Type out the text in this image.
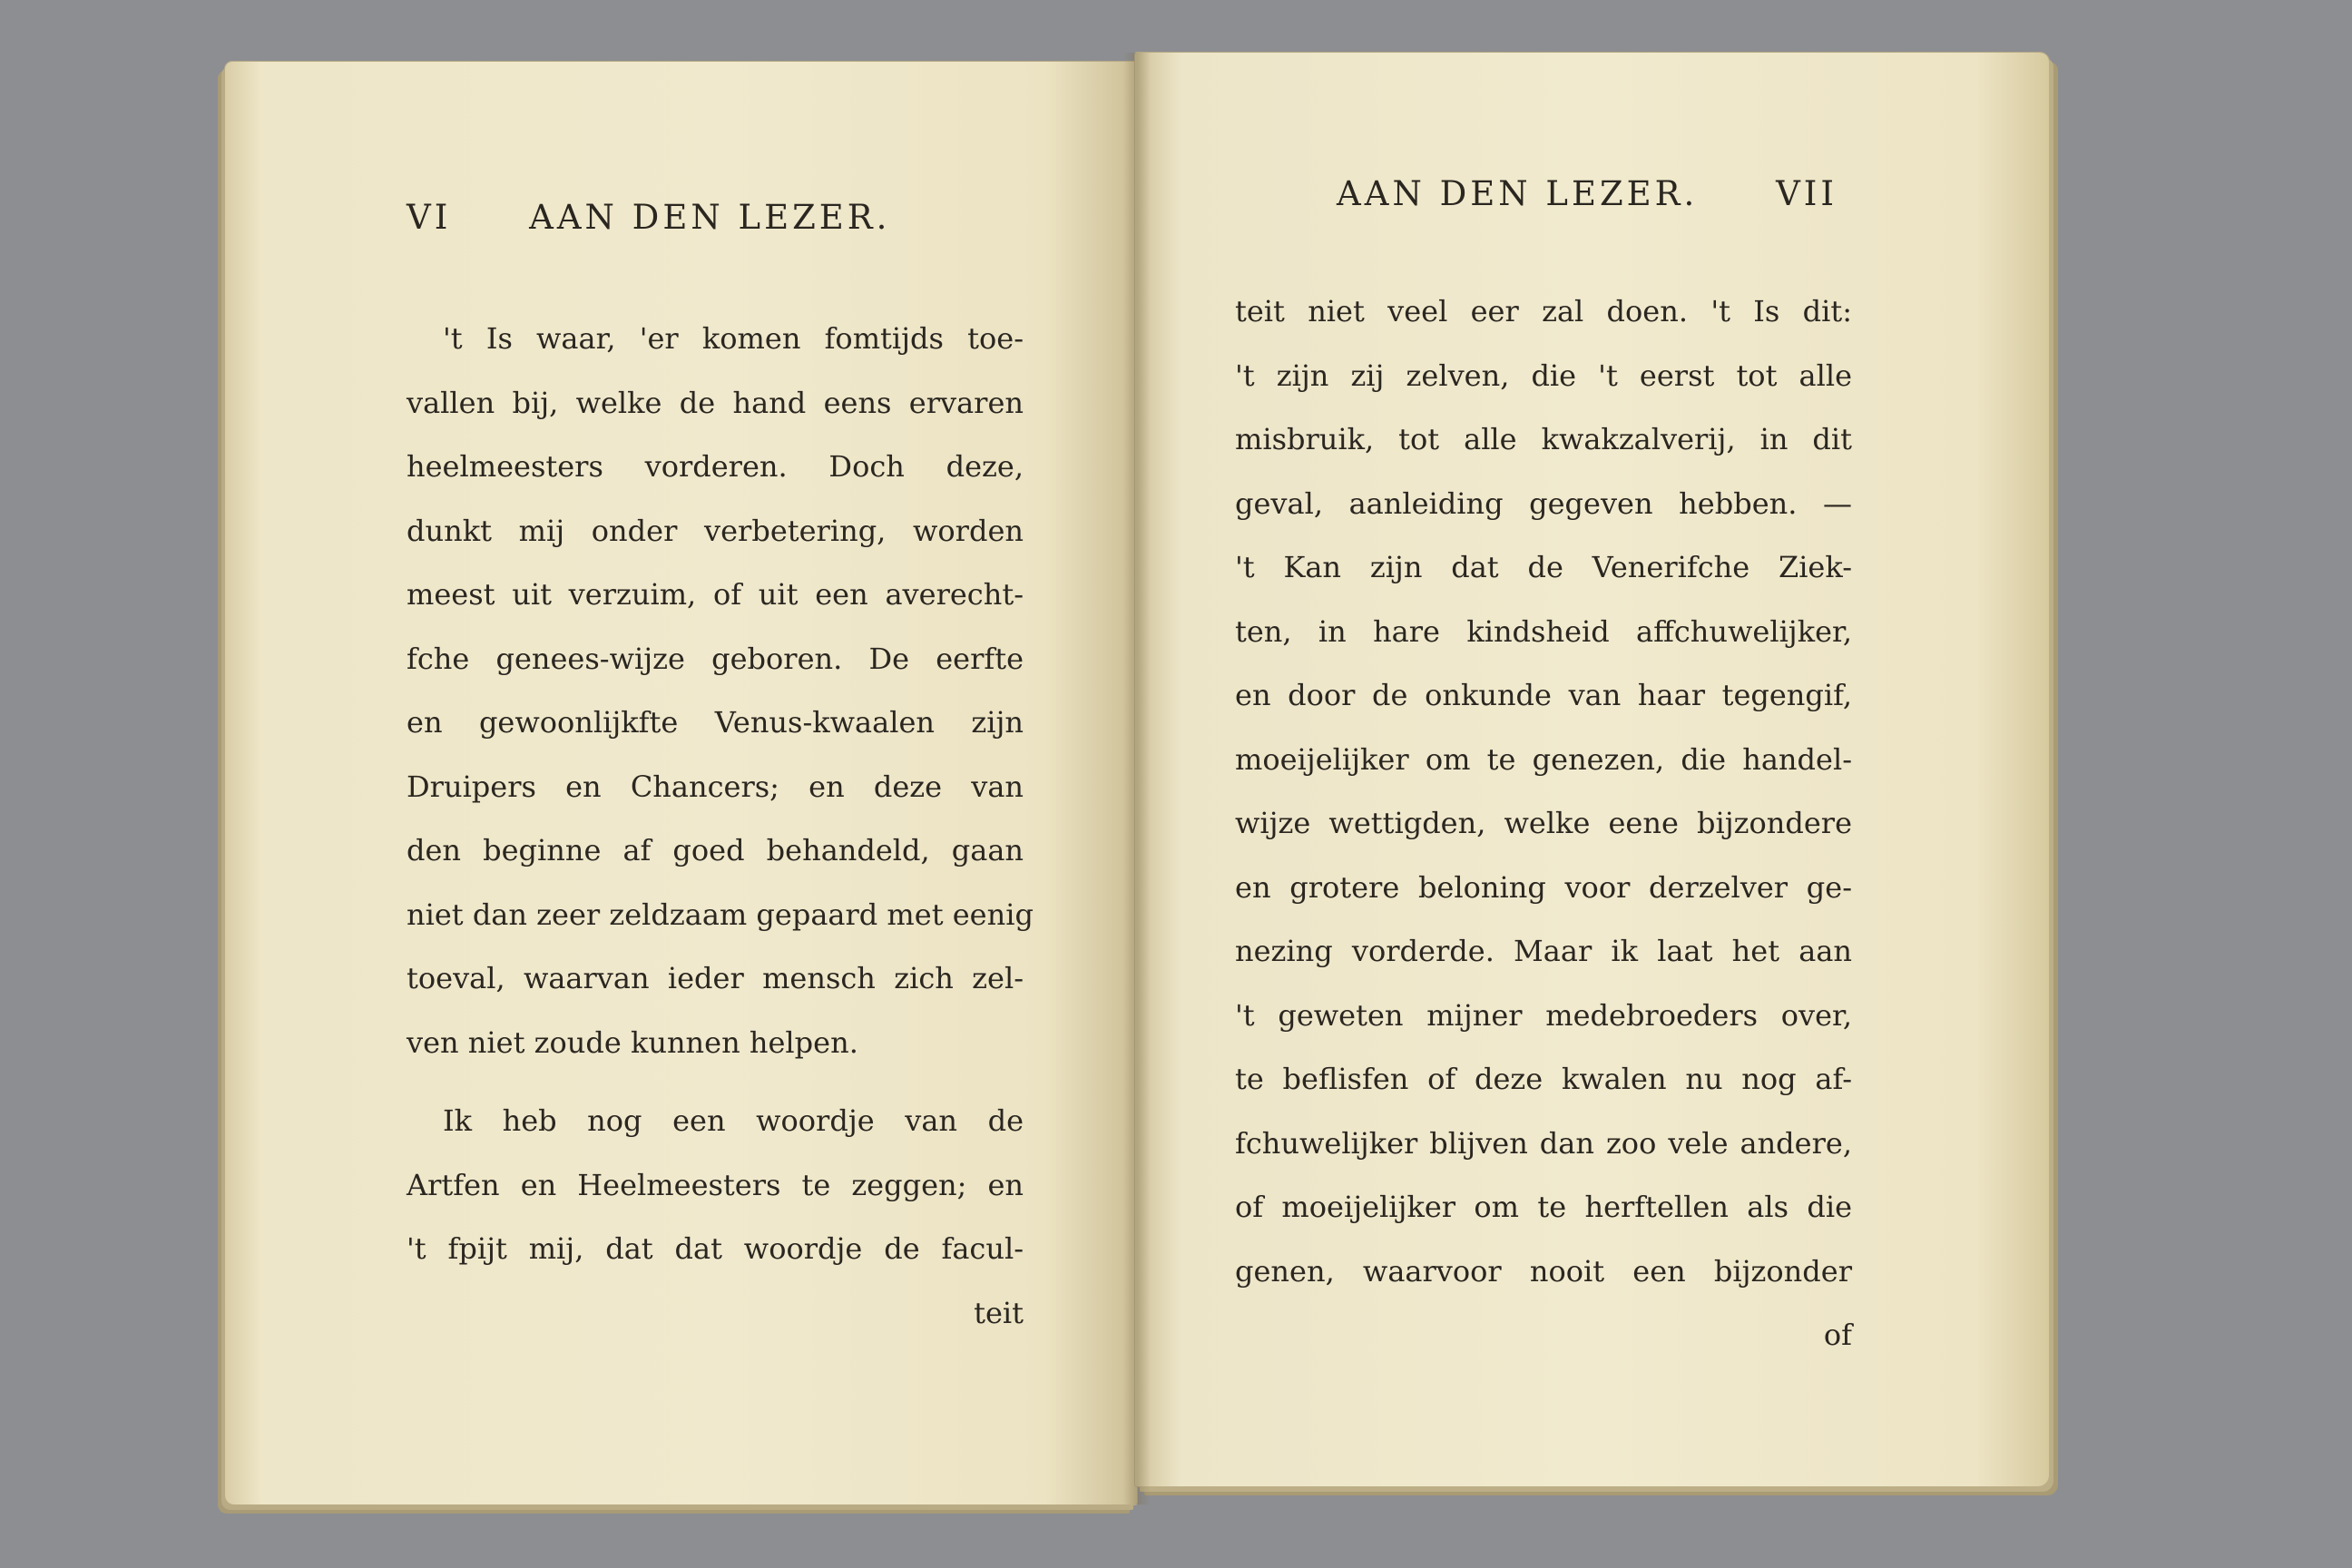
VI AAN DEN LEZER.
't Is waar, 'er komen fomtijds toe-
vallen bij, welke de hand eens ervaren
heelmeesters vorderen. Doch deze,
dunkt mij onder verbetering, worden
meest uit verzuim, of uit een averecht-
fche genees-wijze geboren. De eerfte
en gewoonlijkfte Venus-kwaalen zijn
Druipers en Chancers; en deze van
den beginne af goed behandeld, gaan
niet dan zeer zeldzaam gepaard met eenig
toeval, waarvan ieder mensch zich zel-
ven niet zoude kunnen helpen.
Ik heb nog een woordje van de
Artfen en Heelmeesters te zeggen; en
't fpijt mij, dat dat woordje de facul-
teit
AAN DEN LEZER. VII
teit niet veel eer zal doen. 't Is dit:
't zijn zij zelven, die 't eerst tot alle
misbruik, tot alle kwakzalverij, in dit
geval, aanleiding gegeven hebben. —
't Kan zijn dat de Venerifche Ziek-
ten, in hare kindsheid affchuwelijker,
en door de onkunde van haar tegengif,
moeijelijker om te genezen, die handel-
wijze wettigden, welke eene bijzondere
en grotere beloning voor derzelver ge-
nezing vorderde. Maar ik laat het aan
't geweten mijner medebroeders over,
te beflisfen of deze kwalen nu nog af-
fchuwelijker blijven dan zoo vele andere,
of moeijelijker om te herftellen als die
genen, waarvoor nooit een bijzonder
of
